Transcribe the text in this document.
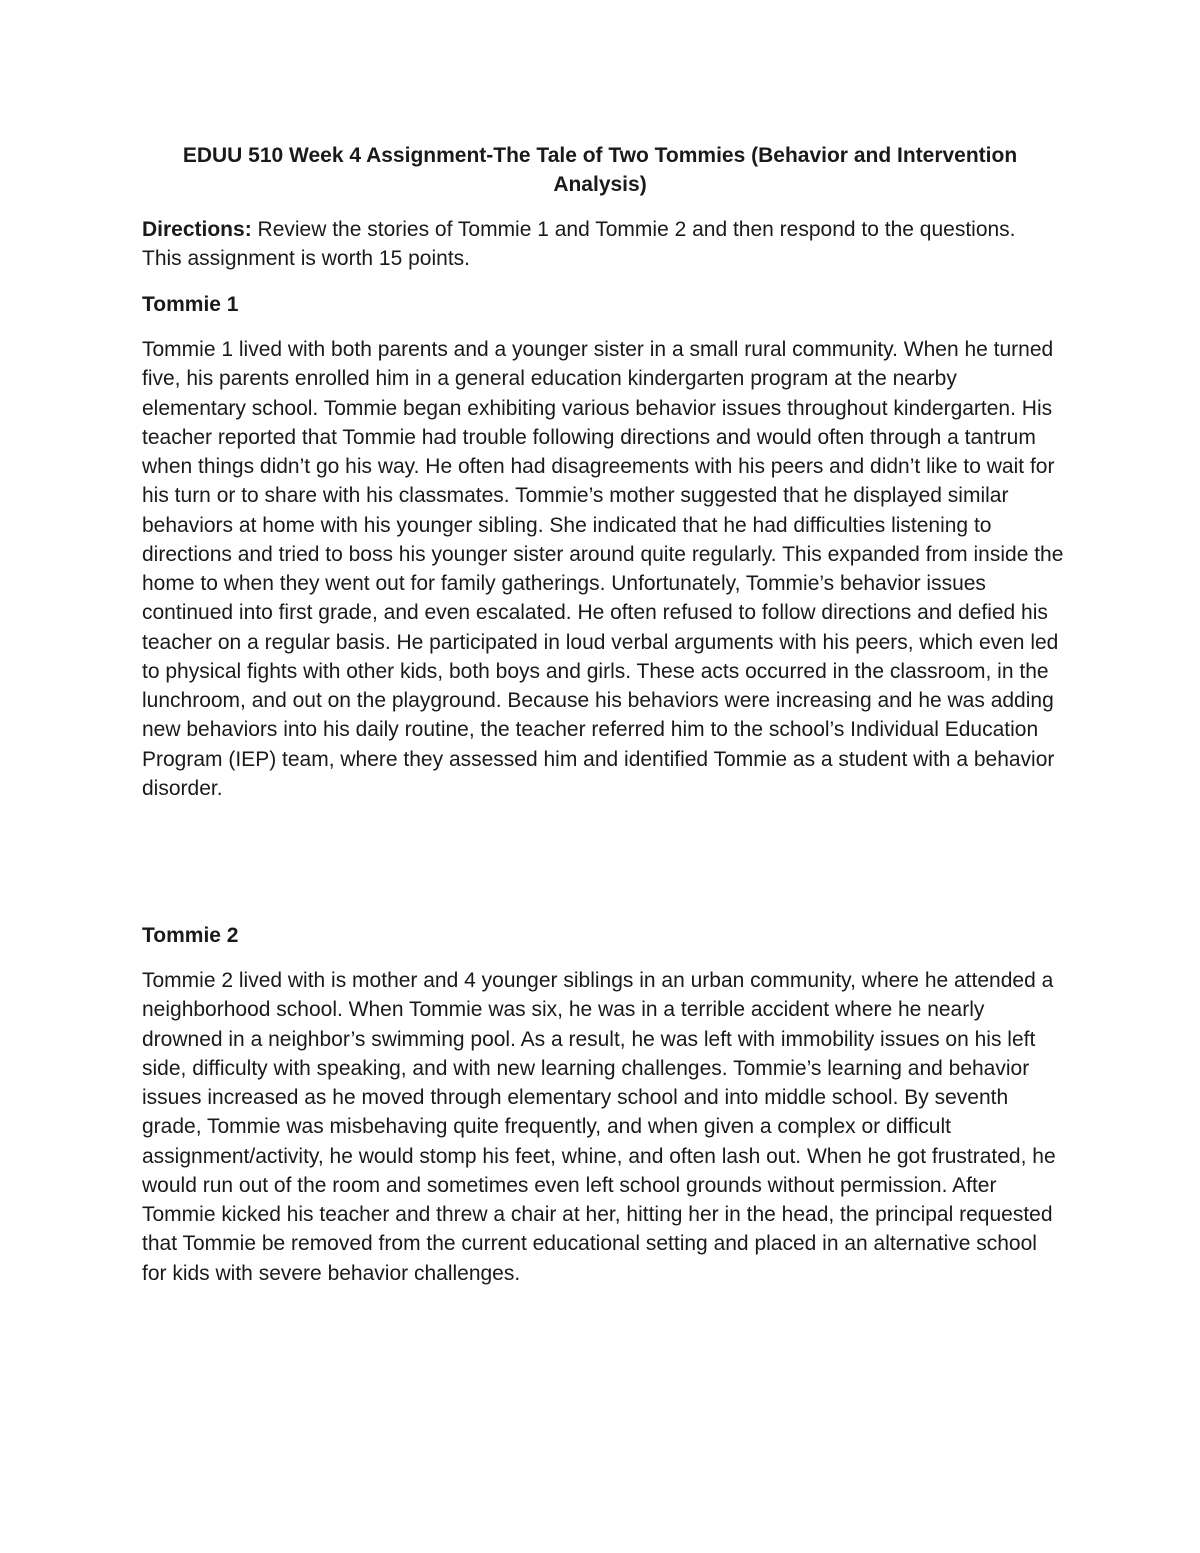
EDUU 510 Week 4 Assignment-The Tale of Two Tommies (Behavior and Intervention Analysis)

Directions: Review the stories of Tommie 1 and Tommie 2 and then respond to the questions. This assignment is worth 15 points.

Tommie 1

Tommie 1 lived with both parents and a younger sister in a small rural community. When he turned five, his parents enrolled him in a general education kindergarten program at the nearby elementary school. Tommie began exhibiting various behavior issues throughout kindergarten. His teacher reported that Tommie had trouble following directions and would often through a tantrum when things didn’t go his way. He often had disagreements with his peers and didn’t like to wait for his turn or to share with his classmates. Tommie’s mother suggested that he displayed similar behaviors at home with his younger sibling. She indicated that he had difficulties listening to directions and tried to boss his younger sister around quite regularly. This expanded from inside the home to when they went out for family gatherings. Unfortunately, Tommie’s behavior issues continued into first grade, and even escalated. He often refused to follow directions and defied his teacher on a regular basis. He participated in loud verbal arguments with his peers, which even led to physical fights with other kids, both boys and girls. These acts occurred in the classroom, in the lunchroom, and out on the playground. Because his behaviors were increasing and he was adding new behaviors into his daily routine, the teacher referred him to the school’s Individual Education Program (IEP) team, where they assessed him and identified Tommie as a student with a behavior disorder.

Tommie 2

Tommie 2 lived with is mother and 4 younger siblings in an urban community, where he attended a neighborhood school. When Tommie was six, he was in a terrible accident where he nearly drowned in a neighbor’s swimming pool. As a result, he was left with immobility issues on his left side, difficulty with speaking, and with new learning challenges. Tommie’s learning and behavior issues increased as he moved through elementary school and into middle school. By seventh grade, Tommie was misbehaving quite frequently, and when given a complex or difficult assignment/activity, he would stomp his feet, whine, and often lash out. When he got frustrated, he would run out of the room and sometimes even left school grounds without permission. After Tommie kicked his teacher and threw a chair at her, hitting her in the head, the principal requested that Tommie be removed from the current educational setting and placed in an alternative school for kids with severe behavior challenges.
